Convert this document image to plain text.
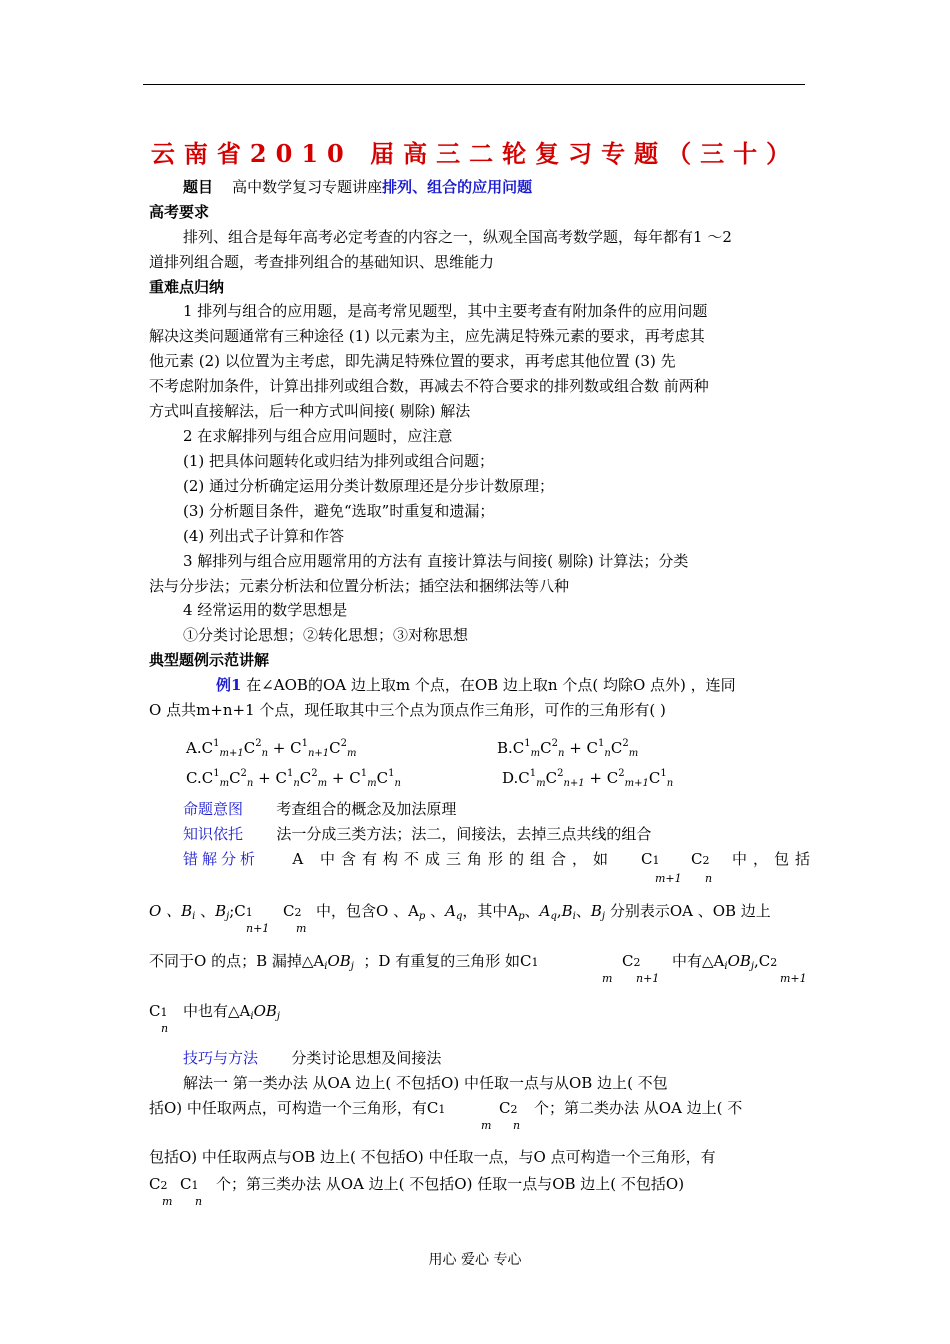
云南省2010 届高三二轮复习专题（三十）
题目 高中数学复习专题讲座排列、组合的应用问题
高考要求
排列、组合是每年高考必定考查的内容之一，纵观全国高考数学题，每年都有1 ～2
道排列组合题，考查排列组合的基础知识、思维能力
重难点归纳
1 排列与组合的应用题，是高考常见题型，其中主要考查有附加条件的应用问题
解决这类问题通常有三种途径 (1) 以元素为主，应先满足特殊元素的要求，再考虑其
他元素 (2) 以位置为主考虑，即先满足特殊位置的要求，再考虑其他位置 (3) 先
不考虑附加条件，计算出排列或组合数，再减去不符合要求的排列数或组合数 前两种
方式叫直接解法，后一种方式叫间接( 剔除) 解法
2 在求解排列与组合应用问题时，应注意
(1) 把具体问题转化或归结为排列或组合问题；
(2) 通过分析确定运用分类计数原理还是分步计数原理；
(3) 分析题目条件，避免“选取”时重复和遗漏；
(4) 列出式子计算和作答
3 解排列与组合应用题常用的方法有 直接计算法与间接( 剔除) 计算法；分类
法与分步法；元素分析法和位置分析法；插空法和捆绑法等八种
4 经常运用的数学思想是
①分类讨论思想；②转化思想；③对称思想
典型题例示范讲解
例1 在∠AOB的OA 边上取m 个点，在OB 边上取n 个点( 均除O 点外) ，连同
O 点共m+n+1 个点，现任取其中三个点为顶点作三角形，可作的三角形有( )
$A.C^1_{m+1}C^2_n + C^1_{n+1}C^2_m$	$B.C^1_mC^2_n + C^1_nC^2_m$
$C.C^1_mC^2_n + C^1_nC^2_m + C^1_mC^1_n$	$D.C^1_mC^2_{n+1} + C^2_{m+1}C^1_n$
命题意图 考查组合的概念及加法原理
知识依托 法一分成三类方法；法二，间接法，去掉三点共线的组合
错解分析 A 中含有构不成三角形的组合，如	C1
m+1
C2
n
中，包括
O 、$B_i$ 、$B_j;C1$
n+1
C2
m
中，包含O 、$A_p$ 、$A_q$，其中$A_p$、$A_q,B_i$、$B_j$ 分别表示OA 、OB 边上
不同于O 的点；B 漏掉$\triangle A_iOB_j$ ；D 有重复的三角形 如C1
m
C2
n+1
中有$\triangle A_iOB_j,C2$
m+1
C1
n
中也有$\triangle A_iOB_j$
技巧与方法 分类讨论思想及间接法
解法一 第一类办法 从OA 边上( 不包括O) 中任取一点与从OB 边上( 不包
括O) 中任取两点，可构造一个三角形，有C1
m
C2
n
个；第二类办法 从OA 边上( 不
包括O) 中任取两点与OB 边上( 不包括O) 中任取一点，与O 点可构造一个三角形，有
C2
m
C1
n
个；第三类办法 从OA 边上( 不包括O) 任取一点与OB 边上( 不包括O)
用心 爱心 专心
